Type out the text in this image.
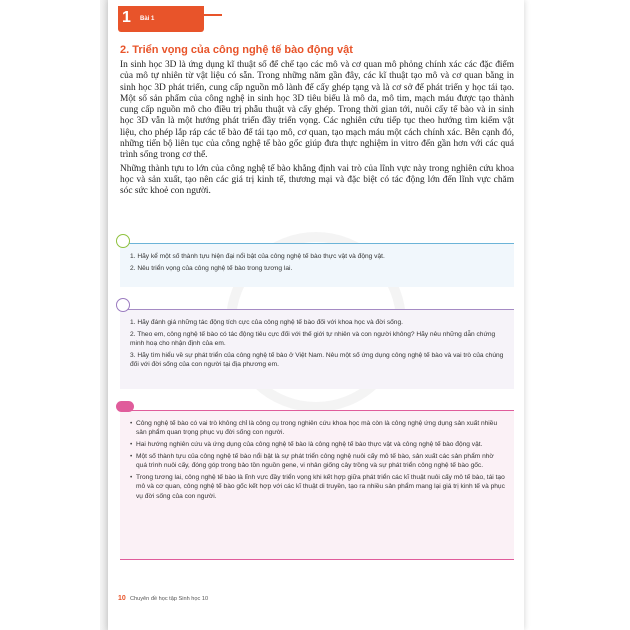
1 Bài 1
2. Triển vọng của công nghệ tế bào động vật

In sinh học 3D là ứng dụng kĩ thuật số để chế tạo các mô và cơ quan mô phỏng chính xác các đặc điểm của mô tự nhiên từ vật liệu có sẵn. Trong những năm gần đây, các kĩ thuật tạo mô và cơ quan bằng in sinh học 3D phát triển, cung cấp nguồn mô lành để cấy ghép tạng và là cơ sở để phát triển y học tái tạo. Một số sản phẩm của công nghệ in sinh học 3D tiêu biểu là mô da, mô tim, mạch máu được tạo thành cung cấp nguồn mô cho điều trị phẫu thuật và cấy ghép. Trong thời gian tới, nuôi cấy tế bào và in sinh học 3D vẫn là một hướng phát triển đầy triển vọng. Các nghiên cứu tiếp tục theo hướng tìm kiếm vật liệu, cho phép lắp ráp các tế bào để tái tạo mô, cơ quan, tạo mạch máu một cách chính xác. Bên cạnh đó, những tiến bộ liên tục của công nghệ tế bào gốc giúp đưa thực nghiệm in vitro đến gần hơn với các quá trình sống trong cơ thể.

Những thành tựu to lớn của công nghệ tế bào khẳng định vai trò của lĩnh vực này trong nghiên cứu khoa học và sản xuất, tạo nên các giá trị kinh tế, thương mại và đặc biệt có tác động lớn đến lĩnh vực chăm sóc sức khoẻ con người.

1. Hãy kể một số thành tựu hiện đại nổi bật của công nghệ tế bào thực vật và động vật.
2. Nêu triển vọng của công nghệ tế bào trong tương lai.
1. Hãy đánh giá những tác động tích cực của công nghệ tế bào đối với khoa học và đời sống.
2. Theo em, công nghệ tế bào có tác động tiêu cực đối với thế giới tự nhiên và con người không? Hãy nêu những dẫn chứng minh hoạ cho nhận định của em.
3. Hãy tìm hiểu về sự phát triển của công nghệ tế bào ở Việt Nam. Nêu một số ứng dụng công nghệ tế bào và vai trò của chúng đối với đời sống của con người tại địa phương em.
• Công nghệ tế bào có vai trò không chỉ là công cụ trong nghiên cứu khoa học mà còn là công nghệ ứng dụng sản xuất nhiều sản phẩm quan trọng phục vụ đời sống con người.
• Hai hướng nghiên cứu và ứng dụng của công nghệ tế bào là công nghệ tế bào thực vật và công nghệ tế bào động vật.
• Một số thành tựu của công nghệ tế bào nổi bật là sự phát triển công nghệ nuôi cấy mô tế bào, sản xuất các sản phẩm nhờ quá trình nuôi cấy, đóng góp trong bảo tồn nguồn gene, vi nhân giống cây trồng và sự phát triển công nghệ tế bào gốc.
• Trong tương lai, công nghệ tế bào là lĩnh vực đầy triển vọng khi kết hợp giữa phát triển các kĩ thuật nuôi cấy mô tế bào, tái tạo mô và cơ quan, công nghệ tế bào gốc kết hợp với các kĩ thuật di truyền, tạo ra nhiều sản phẩm mang lại giá trị kinh tế và phục vụ đời sống của con người.
10 Chuyên đề học tập Sinh học 10
